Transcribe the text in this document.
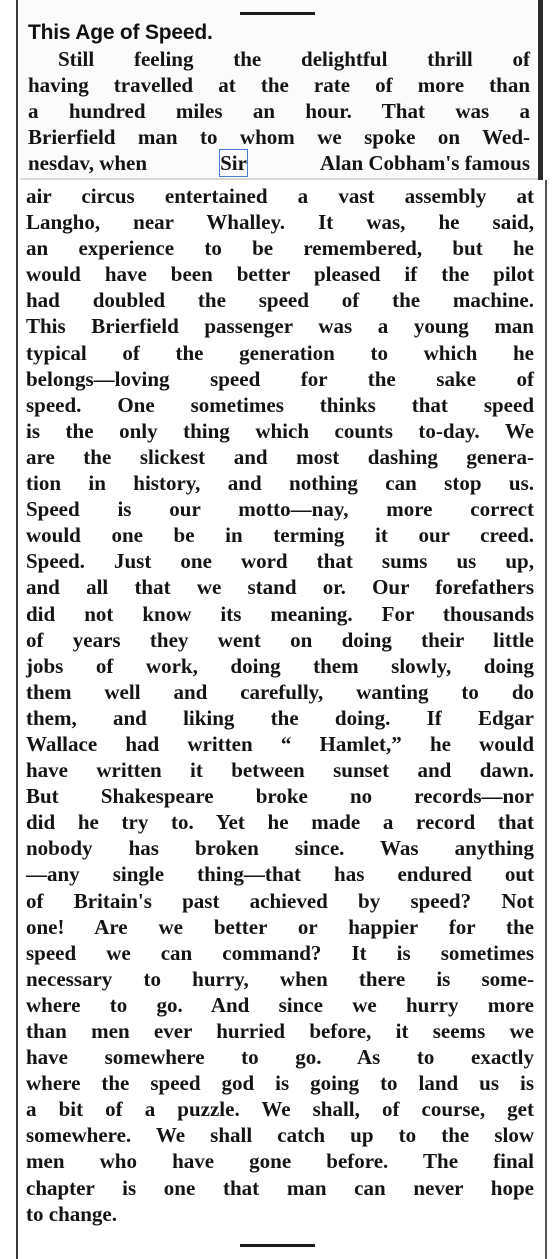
This Age of Speed.
Still feeling the delightful thrill of
having travelled at the rate of more than
a hundred miles an hour. That was a
Brierfield man to whom we spoke on Wed-
nesdav, when	Sir	Alan Cobham's famous
air circus entertained a vast assembly at
Langho, near Whalley. It was, he said,
an experience to be remembered, but he
would have been better pleased if the pilot
had doubled the speed of the machine.
This Brierfield passenger was a young man
typical of the generation to which he
belongs—loving speed for the sake of
speed. One sometimes thinks that speed
is the only thing which counts to-day. We
are the slickest and most dashing genera-
tion in history, and nothing can stop us.
Speed is our motto—nay, more correct
would one be in terming it our creed.
Speed. Just one word that sums us up,
and all that we stand or. Our forefathers
did not know its meaning. For thousands
of years they went on doing their little
jobs of work, doing them slowly, doing
them well and carefully, wanting to do
them, and liking the doing. If Edgar
Wallace had written “ Hamlet,” he would
have written it between sunset and dawn.
But Shakespeare broke no records—nor
did he try to. Yet he made a record that
nobody has broken since. Was anything
—any single thing—that has endured out
of Britain's past achieved by speed? Not
one! Are we better or happier for the
speed we can command? It is sometimes
necessary to hurry, when there is some-
where to go. And since we hurry more
than men ever hurried before, it seems we
have somewhere to go. As to exactly
where the speed god is going to land us is
a bit of a puzzle. We shall, of course, get
somewhere. We shall catch up to the slow
men who have gone before. The final
chapter is one that man can never hope
to change.
